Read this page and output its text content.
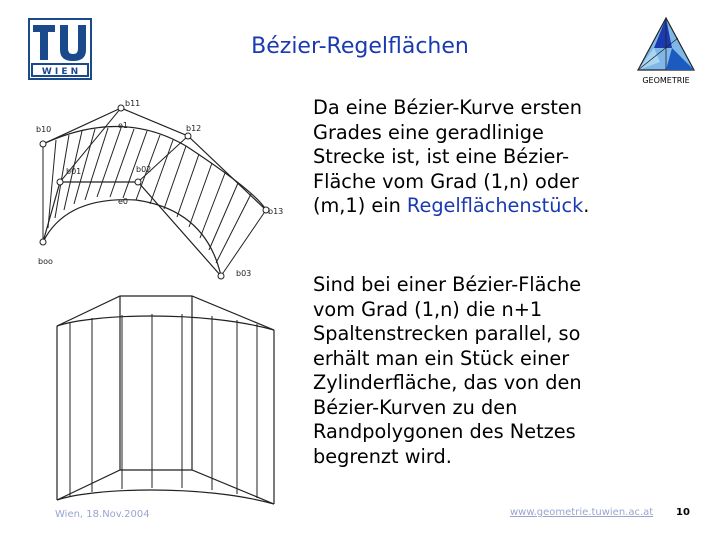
W I E N
GEOMETRIE
Bézier-Regelflächen
b11
b10	e1	b12
b01	b02
e0
b13
boo
b03
Da eine Bézier-Kurve ersten
Grades eine geradlinige
Strecke ist, ist eine Bézier-
Fläche vom Grad (1,n) oder
(m,1) ein Regelflächenstück.
Sind bei einer Bézier-Fläche
vom Grad (1,n) die n+1
Spaltenstrecken parallel, so
erhält man ein Stück einer
Zylinderfläche, das von den
Bézier-Kurven zu den
Randpolygonen des Netzes
begrenzt wird.
Wien, 18.Nov.2004	www.geometrie.tuwien.ac.at 10
